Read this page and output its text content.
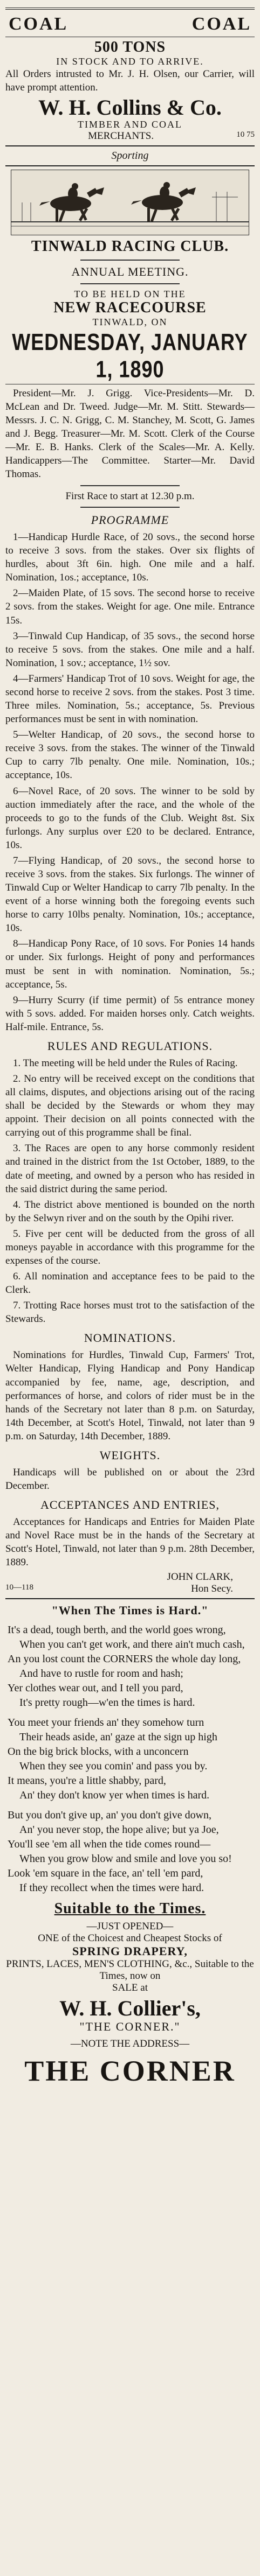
COAL	COAL
500 TONS
IN STOCK AND TO ARRIVE.

All Orders intrusted to Mr. J. H. Olsen, our Carrier, will have prompt attention.

W. H. Collins & Co.
TIMBER AND COAL
MERCHANTS.	10 75
Sporting
TINWALD RACING CLUB.
ANNUAL MEETING.
TO BE HELD ON THE
NEW RACECOURSE
TINWALD, ON
WEDNESDAY, JANUARY 1, 1890

President—Mr. J. Grigg. Vice-Presidents—Mr. D. McLean and Dr. Tweed. Judge—Mr. M. Stitt. Stewards—Messrs. J. C. N. Grigg, C. M. Stanchey, M. Scott, G. James and J. Begg. Treasurer—Mr. M. Scott. Clerk of the Course—Mr. E. B. Hanks. Clerk of the Scales—Mr. A. Kelly. Handicappers—The Committee. Starter—Mr. David Thomas.

First Race to start at 12.30 p.m.
PROGRAMME

1—Handicap Hurdle Race, of 20 sovs., the second horse to receive 3 sovs. from the stakes. Over six flights of hurdles, about 3ft 6in. high. One mile and a half. Nomination, 1os.; acceptance, 10s.

2—Maiden Plate, of 15 sovs. The second horse to receive 2 sovs. from the stakes. Weight for age. One mile. Entrance 15s.

3—Tinwald Cup Handicap, of 35 sovs., the second horse to receive 5 sovs. from the stakes. One mile and a half. Nomination, 1 sov.; acceptance, 1½ sov.

4—Farmers' Handicap Trot of 10 sovs. Weight for age, the second horse to receive 2 sovs. from the stakes. Post 3 time. Three miles. Nomination, 5s.; acceptance, 5s. Previous performances must be sent in with nomination.

5—Welter Handicap, of 20 sovs., the second horse to receive 3 sovs. from the stakes. The winner of the Tinwald Cup to carry 7lb penalty. One mile. Nomination, 10s.; acceptance, 10s.

6—Novel Race, of 20 sovs. The winner to be sold by auction immediately after the race, and the whole of the proceeds to go to the funds of the Club. Weight 8st. Six furlongs. Any surplus over £20 to be declared. Entrance, 10s.

7—Flying Handicap, of 20 sovs., the second horse to receive 3 sovs. from the stakes. Six furlongs. The winner of Tinwald Cup or Welter Handicap to carry 7lb penalty. In the event of a horse winning both the foregoing events such horse to carry 10lbs penalty. Nomination, 10s.; acceptance, 10s.

8—Handicap Pony Race, of 10 sovs. For Ponies 14 hands or under. Six furlongs. Height of pony and performances must be sent in with nomination. Nomination, 5s.; acceptance, 5s.

9—Hurry Scurry (if time permit) of 5s entrance money with 5 sovs. added. For maiden horses only. Catch weights. Half-mile. Entrance, 5s.

RULES AND REGULATIONS.

1. The meeting will be held under the Rules of Racing.

2. No entry will be received except on the conditions that all claims, disputes, and objections arising out of the racing shall be decided by the Stewards or whom they may appoint. Their decision on all points connected with the carrying out of this programme shall be final.

3. The Races are open to any horse commonly resident and trained in the district from the 1st October, 1889, to the date of meeting, and owned by a person who has resided in the said district during the same period.

4. The district above mentioned is bounded on the north by the Selwyn river and on the south by the Opihi river.

5. Five per cent will be deducted from the gross of all moneys payable in accordance with this programme for the expenses of the course.

6. All nomination and acceptance fees to be paid to the Clerk.

7. Trotting Race horses must trot to the satisfaction of the Stewards.

NOMINATIONS.

Nominations for Hurdles, Tinwald Cup, Farmers' Trot, Welter Handicap, Flying Handicap and Pony Handicap accompanied by fee, name, age, description, and performances of horse, and colors of rider must be in the hands of the Secretary not later than 8 p.m. on Saturday, 14th December, at Scott's Hotel, Tinwald, not later than 9 p.m. on Saturday, 14th December, 1889.

WEIGHTS.

Handicaps will be published on or about the 23rd December.

ACCEPTANCES AND ENTRIES,

Acceptances for Handicaps and Entries for Maiden Plate and Novel Race must be in the hands of the Secretary at Scott's Hotel, Tinwald, not later than 9 p.m. 28th December, 1889.

JOHN CLARK,
10—118	Hon Secy.
"When The Times is Hard."
It's a dead, tough berth, and the world goes wrong,
When you can't get work, and there ain't much cash,
An you lost count the CORNERS the whole day long,
And have to rustle for room and hash;
Yer clothes wear out, and I tell you pard,
It's pretty rough—w'en the times is hard.
You meet your friends an' they somehow turn
Their heads aside, an' gaze at the sign up high
On the big brick blocks, with a unconcern
When they see you comin' and pass you by.
It means, you're a little shabby, pard,
An' they don't know yer when times is hard.
But you don't give up, an' you don't give down,
An' you never stop, the hope alive; but ya Joe,
You'll see 'em all when the tide comes round—
When you grow blow and smile and love you so!
Look 'em square in the face, an' tell 'em pard,
If they recollect when the times were hard.
Suitable to the Times.
—JUST OPENED—
ONE of the Choicest and Cheapest Stocks of
SPRING DRAPERY,
PRINTS, LACES, MEN'S CLOTHING, &c., Suitable to the Times, now on
SALE at
W. H. Collier's,
"THE CORNER."
—NOTE THE ADDRESS—
THE CORNER
